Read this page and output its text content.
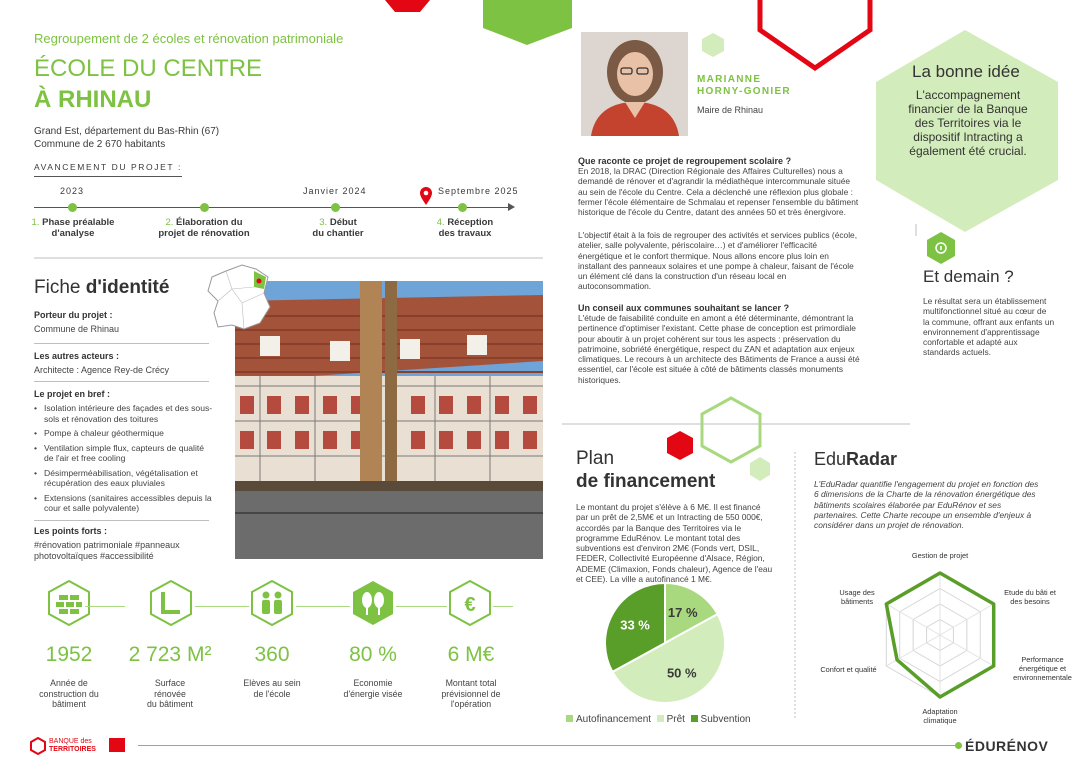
Regroupement de 2 écoles et rénovation patrimoniale
ÉCOLE DU CENTRE
À RHINAU
Grand Est, département du Bas-Rhin (67)
Commune de 2 670 habitants
AVANCEMENT DU PROJET :
2023	Janvier 2024	Septembre 2025
1. Phase préalable
d'analyse
2. Élaboration du
projet de rénovation
3. Début
du chantier
4. Réception
des travaux
Fiche d'identité
Porteur du projet :
Commune de Rhinau
Les autres acteurs :
Architecte : Agence Rey-de Crécy
Le projet en bref :
• Isolation intérieure des façades et des sous-sols et rénovation des toitures
• Pompe à chaleur géothermique
• Ventilation simple flux, capteurs de qualité de l'air et free cooling
• Désimperméabilisation, végétalisation et récupération des eaux pluviales
• Extensions (sanitaires accessibles depuis la cour et salle polyvalente)
Les points forts :
#rénovation patrimoniale #panneaux photovoltaïques #accessibilité
€
1952	2 723 M²	360	80 %	6 M€
Année de
construction du
bâtiment
Surface
rénovée
du bâtiment
Elèves au sein
de l'école
Economie
d'énergie visée
Montant total
prévisionnel de
l'opération
MARIANNE
HORNY-GONIER
Maire de Rhinau
Que raconte ce projet de regroupement scolaire ?
En 2018, la DRAC (Direction Régionale des Affaires Culturelles) nous a
demandé de rénover et d'agrandir la médiathèque intercommunale située
au sein de l'école du Centre. Cela a déclenché une réflexion plus globale :
fermer l'école élémentaire de Schmalau et repenser l'ensemble du bâtiment
historique de l'école du Centre, datant des années 50 et très énergivore.
L'objectif était à la fois de regrouper des activités et services publics (école,
atelier, salle polyvalente, périscolaire…) et d'améliorer l'efficacité
énergétique et le confort thermique. Nous allons encore plus loin en
installant des panneaux solaires et une pompe à chaleur, faisant de l'école
un élément clé dans la construction d'un réseau local en
autoconsommation.
Un conseil aux communes souhaitant se lancer ?
L'étude de faisabilité conduite en amont a été déterminante, démontrant la
pertinence d'optimiser l'existant. Cette phase de conception est primordiale
pour aboutir à un projet cohérent sur tous les aspects : préservation du
patrimoine, sobriété énergétique, respect du ZAN et adaptation aux enjeux
climatiques. Le recours à un architecte des Bâtiments de France a aussi été
essentiel, car l'école est située à côté de bâtiments classés monuments
historiques.
La bonne idée
L'accompagnement
financier de la Banque
des Territoires via le
dispositif Intracting a
également été crucial.
Et demain ?
Le résultat sera un établissement
multifonctionnel situé au cœur de
la commune, offrant aux enfants un
environnement d'apprentissage
confortable et adapté aux
standards actuels.
Plan
de financement
Le montant du projet s'élève à 6 M€. Il est financé
par un prêt de 2,5M€ et un Intracting de 550 000€,
accordés par la Banque des Territoires via le
programme EduRénov. Le montant total des
subventions est d'environ 2M€ (Fonds vert, DSIL,
FEDER, Collectivité Européenne d'Alsace, Région,
ADEME (Climaxion, Fonds chaleur), Agence de l'eau
et CEE). La ville a autofinancé 1 M€.
17 %
50 %
33 %
Autofinancement Prêt Subvention
EduRadar
L'EduRadar quantifie l'engagement du projet en fonction des
6 dimensions de la Charte de la rénovation énergétique des
bâtiments scolaires élaborée par EduRénov et ses
partenaires. Cette Charte recoupe un ensemble d'enjeux à
considérer dans un projet de rénovation.
Gestion de projet
Etude du bâti et
des besoins
Performance
énergétique et
environnementale
Adaptation
climatique
Confort et qualité
Usage des
bâtiments
BANQUE des
TERRITOIRES	ÉDURÉNOV
